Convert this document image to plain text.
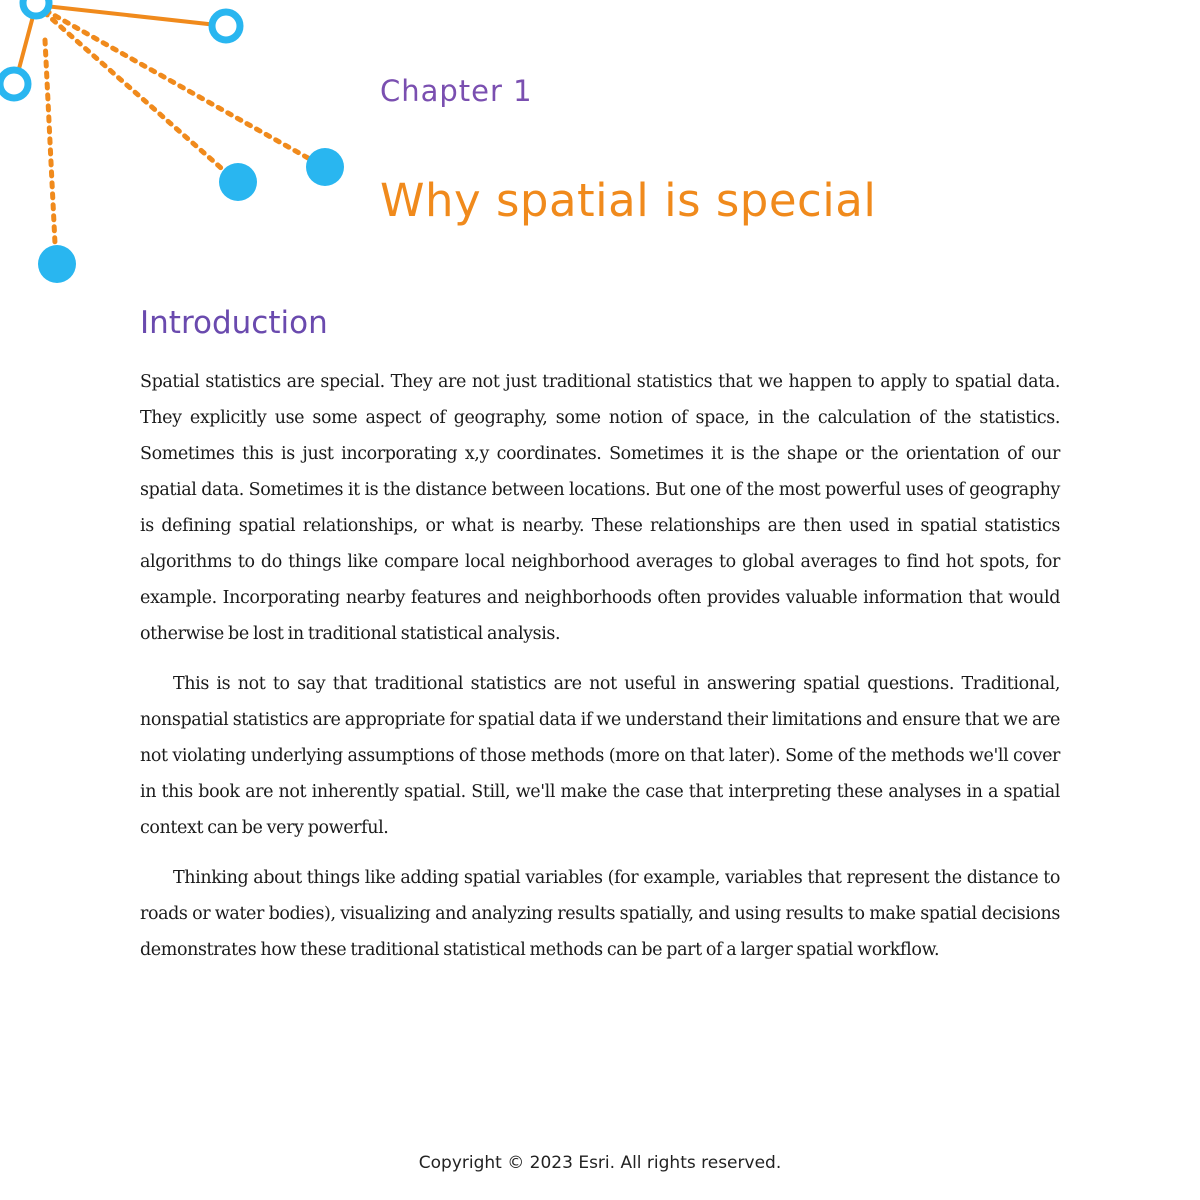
Chapter 1
Why spatial is special
Introduction

Spatial statistics are special. They are not just traditional statistics that we happen to apply to spatial data. They explicitly use some aspect of geography, some notion of space, in the calculation of the statistics. Sometimes this is just incorporating x,y coordinates. Sometimes it is the shape or the orientation of our spatial data. Sometimes it is the distance between locations. But one of the most powerful uses of geography is defining spatial relationships, or what is nearby. These relationships are then used in spatial statistics algorithms to do things like compare local neighborhood averages to global averages to find hot spots, for example. Incorporating nearby features and neighborhoods often provides valuable information that would otherwise be lost in traditional statistical analysis.

This is not to say that traditional statistics are not useful in answering spatial questions. Traditional, nonspatial statistics are appropriate for spatial data if we understand their limitations and ensure that we are not violating underlying assumptions of those methods (more on that later). Some of the methods we'll cover in this book are not inherently spatial. Still, we'll make the case that interpreting these analyses in a spatial context can be very powerful.

Thinking about things like adding spatial variables (for example, variables that represent the distance to roads or water bodies), visualizing and analyzing results spatially, and using results to make spatial decisions demonstrates how these traditional statistical methods can be part of a larger spatial workflow.

Copyright © 2023 Esri. All rights reserved.
